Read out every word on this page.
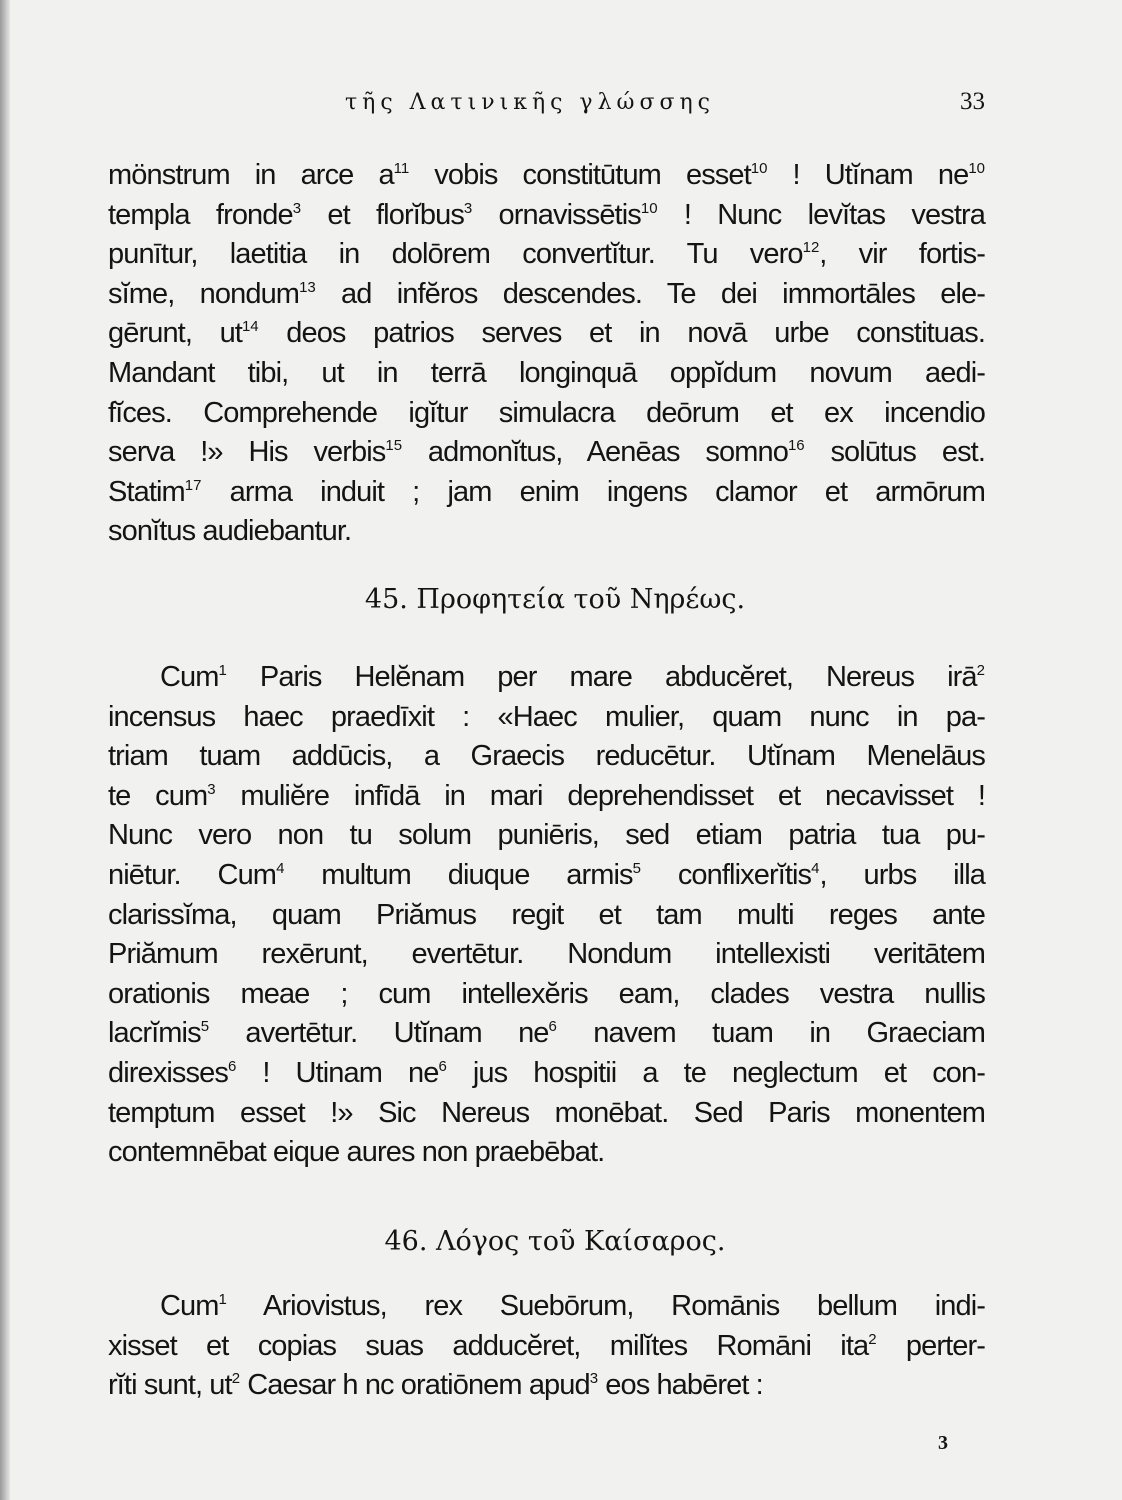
τῆς Λατινικῆς γλώσσης	33
mönstrum in arce $a^{11}$ vobis constitūtum esset$^{10}$ ! Utĭnam $ne^{10}$
templa fronde$^3$ et florĭbus$^3$ ornavissētis$^{10}$ ! Nunc levĭtas vestra
punītur, laetitia in dolōrem convertĭtur. Tu vero$^{12}$, vir fortis-
sĭme, nondum$^{13}$ ad infĕros descendes. Te dei immortāles ele-
gērunt, $ut^{14}$ deos patrios serves et in novā urbe constituas.
Mandant tibi, ut in terrā longinquā oppĭdum novum aedi-
fĭces. Comprehende igĭtur simulacra deōrum et ex incendio
serva !» His verbis$^{15}$ admonĭtus, Aenēas somno$^{16}$ solūtus est.
Statim$^{17}$ arma induit ; jam enim ingens clamor et armōrum
sonĭtus audiebantur.
45. Προφητεία τοῦ Νηρέως.
Cum$^1$ Paris Helĕnam per mare abducĕret, Nereus irā$^2$
incensus haec praedīxit : «Haec mulier, quam nunc in pa-
triam tuam addūcis, a Graecis reducētur. Utĭnam Menelāus
te cum$^3$ muliĕre infīdā in mari deprehendisset et necavisset !
Nunc vero non tu solum puniēris, sed etiam patria tua pu-
niētur. Cum$^4$ multum diuque armis$^5$ conflixerĭtis$^4$, urbs illa
clarissĭma, quam Priămus regit et tam multi reges ante
Priămum rexērunt, evertētur. Nondum intellexisti veritātem
orationis meae ; cum intellexĕris eam, clades vestra nullis
lacrĭmis$^5$ avertētur. Utĭnam $ne^6$ navem tuam in Graeciam
direxisses$^6$ ! Utinam $ne^6$ jus hospitii a te neglectum et con-
temptum esset !» Sic Nereus monēbat. Sed Paris monentem
contemnēbat eique aures non praebēbat.
46. Λόγος τοῦ Καίσαρος.
Cum$^1$ Ariovistus, rex Suebōrum, Romānis bellum indi-
xisset et copias suas adducĕret, milĭtes Romāni ita$^2$ perter-
rĭti sunt, $ut^2$ Caesar h nc oratiōnem apud$^3$ eos habēret :
3
